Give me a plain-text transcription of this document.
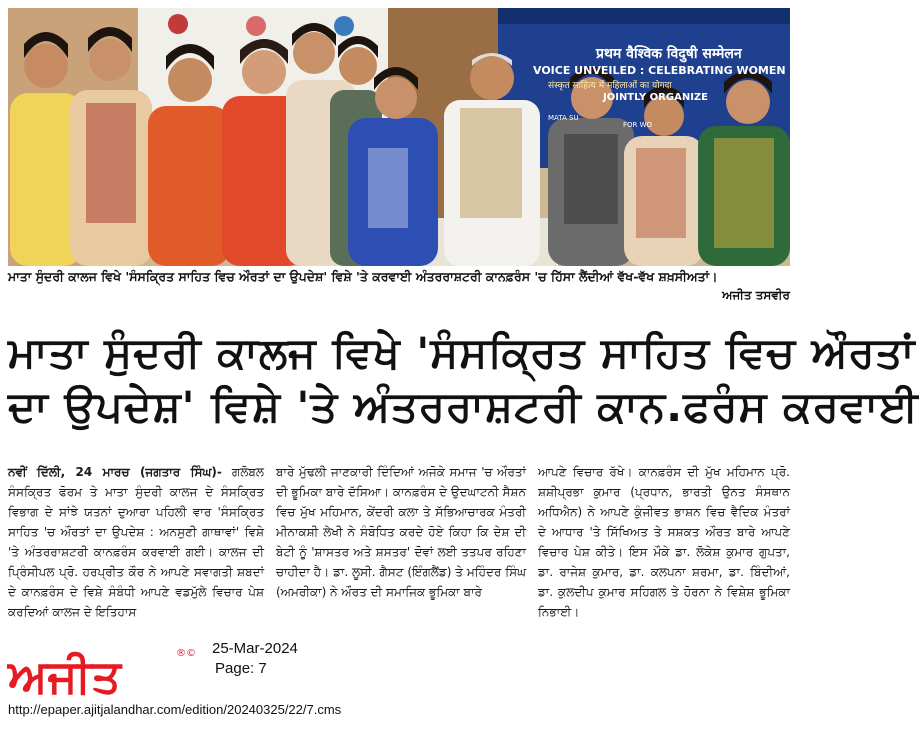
प्रथम वैश्विक विदुषी सम्मेलन
VOICE UNVEILED : CELEBRATING WOMEN IN SANS
संस्कृत साहित्य में महिलाओं का योगदा
JOINTLY ORGANIZE
MATA SU
FOR WO
ਮਾਤਾ ਸੁੰਦਰੀ ਕਾਲਜ ਵਿਖੇ 'ਸੰਸਕ੍ਰਿਤ ਸਾਹਿਤ ਵਿਚ ਔਰਤਾਂ ਦਾ ਉਪਦੇਸ਼' ਵਿਸ਼ੇ 'ਤੇ ਕਰਵਾਈ ਅੰਤਰਰਾਸ਼ਟਰੀ ਕਾਨਫ਼ਰੰਸ 'ਚ ਹਿੱਸਾ ਲੈਂਦੀਆਂ ਵੱਖ-ਵੱਖ ਸ਼ਖ਼ਸੀਅਤਾਂ।
ਅਜੀਤ ਤਸਵੀਰ
ਮਾਤਾ ਸੁੰਦਰੀ ਕਾਲਜ ਵਿਖੇ 'ਸੰਸਕ੍ਰਿਤ ਸਾਹਿਤ ਵਿਚ ਔਰਤਾਂ
ਦਾ ਉਪਦੇਸ਼' ਵਿਸ਼ੇ 'ਤੇ ਅੰਤਰਰਾਸ਼ਟਰੀ ਕਾਨ.ਫਰੰਸ ਕਰਵਾਈ
ਨਵੀਂ ਦਿੱਲੀ, 24 ਮਾਰਚ (ਜਗਤਾਰ ਸਿੰਘ)- ਗਲੋਬਲ ਸੰਸਕ੍ਰਿਤ ਫੋਰਮ ਤੇ ਮਾਤਾ ਸੁੰਦਰੀ ਕਾਲਜ ਦੇ ਸੰਸਕ੍ਰਿਤ ਵਿਭਾਗ ਦੇ ਸਾਂਝੇ ਯਤਨਾਂ ਦੁਆਰਾ ਪਹਿਲੀ ਵਾਰ 'ਸੰਸਕ੍ਰਿਤ ਸਾਹਿਤ 'ਚ ਔਰਤਾਂ ਦਾ ਉਪਦੇਸ਼ : ਅਨਸੁਣੀ ਗਾਥਾਵਾਂ' ਵਿਸ਼ੇ 'ਤੇ ਅੰਤਰਰਾਸ਼ਟਰੀ ਕਾਨਫ਼ਰੰਸ ਕਰਵਾਈ ਗਈ। ਕਾਲਜ ਦੀ ਪ੍ਰਿੰਸੀਪਲ ਪ੍ਰੋ. ਹਰਪ੍ਰੀਤ ਕੌਰ ਨੇ ਆਪਣੇ ਸਵਾਗਤੀ ਸ਼ਬਦਾਂ ਦੇ ਕਾਨਫ਼ਰੰਸ ਦੇ ਵਿਸ਼ੇ ਸੰਬੰਧੀ ਆਪਣੇ ਵਡਮੁੱਲੇ ਵਿਚਾਰ ਪੇਸ਼ ਕਰਦਿਆਂ ਕਾਲਜ ਦੇ ਇਤਿਹਾਸ
ਬਾਰੇ ਮੁੱਢਲੀ ਜਾਣਕਾਰੀ ਦਿੰਦਿਆਂ ਅਜੋਕੇ ਸਮਾਜ 'ਚ ਔਰਤਾਂ ਦੀ ਭੂਮਿਕਾ ਬਾਰੇ ਦੱਸਿਆ। ਕਾਨਫ਼ਰੰਸ ਦੇ ਉਦਘਾਟਨੀ ਸੈਸ਼ਨ ਵਿਚ ਮੁੱਖ ਮਹਿਮਾਨ, ਕੇਂਦਰੀ ਕਲਾ ਤੇ ਸੱਭਿਆਚਾਰਕ ਮੰਤਰੀ ਮੀਨਾਕਸ਼ੀ ਲੇਖੀ ਨੇ ਸੰਬੋਧਿਤ ਕਰਦੇ ਹੋਏ ਕਿਹਾ ਕਿ ਦੇਸ਼ ਦੀ ਬੇਟੀ ਨੂੰ 'ਸ਼ਾਸਤਰ ਅਤੇ ਸ਼ਸਤਰ' ਦੋਵਾਂ ਲਈ ਤਤਪਰ ਰਹਿਣਾ ਚਾਹੀਦਾ ਹੈ। ਡਾ. ਲੂਸੀ. ਗੈਸਟ (ਇੰਗਲੈਂਡ) ਤੇ ਮਹਿੰਦਰ ਸਿੰਘ (ਅਮਰੀਕਾ) ਨੇ ਔਰਤ ਦੀ ਸਮਾਜਿਕ ਭੂਮਿਕਾ ਬਾਰੇ
ਆਪਣੇ ਵਿਚਾਰ ਰੱਖੇ। ਕਾਨਫ਼ਰੰਸ ਦੀ ਮੁੱਖ ਮਹਿਮਾਨ ਪ੍ਰੋ. ਸ਼ਸ਼ੀਪ੍ਰਭਾ ਕੁਮਾਰ (ਪ੍ਰਧਾਨ, ਭਾਰਤੀ ਉਨਤ ਸੰਸਥਾਨ ਅਧਿਐਨ) ਨੇ ਆਪਣੇ ਕੁੰਜੀਵਤ ਭਾਸ਼ਨ ਵਿਚ ਵੈਦਿਕ ਮੰਤਰਾਂ ਦੇ ਆਧਾਰ 'ਤੇ ਸਿੱਖਿਅਤ ਤੇ ਸਸ਼ਕਤ ਔਰਤ ਬਾਰੇ ਆਪਣੇ ਵਿਚਾਰ ਪੇਸ਼ ਕੀਤੇ। ਇਸ ਮੌਕੇ ਡਾ. ਲੋਕੇਸ਼ ਕੁਮਾਰ ਗੁਪਤਾ, ਡਾ. ਰਾਜੇਸ਼ ਕੁਮਾਰ, ਡਾ. ਕਲਪਨਾ ਸ਼ਰਮਾ, ਡਾ. ਬਿੰਦੀਆਂ, ਡਾ. ਕੁਲਦੀਪ ਕੁਮਾਰ ਸਹਿਗਲ ਤੇ ਹੋਰਨਾ ਨੇ ਵਿਸ਼ੇਸ਼ ਭੂਮਿਕਾ ਨਿਭਾਈ।
ਅਜੀਤ	®© 25-Mar-2024
Page: 7
http://epaper.ajitjalandhar.com/edition/20240325/22/7.cms
